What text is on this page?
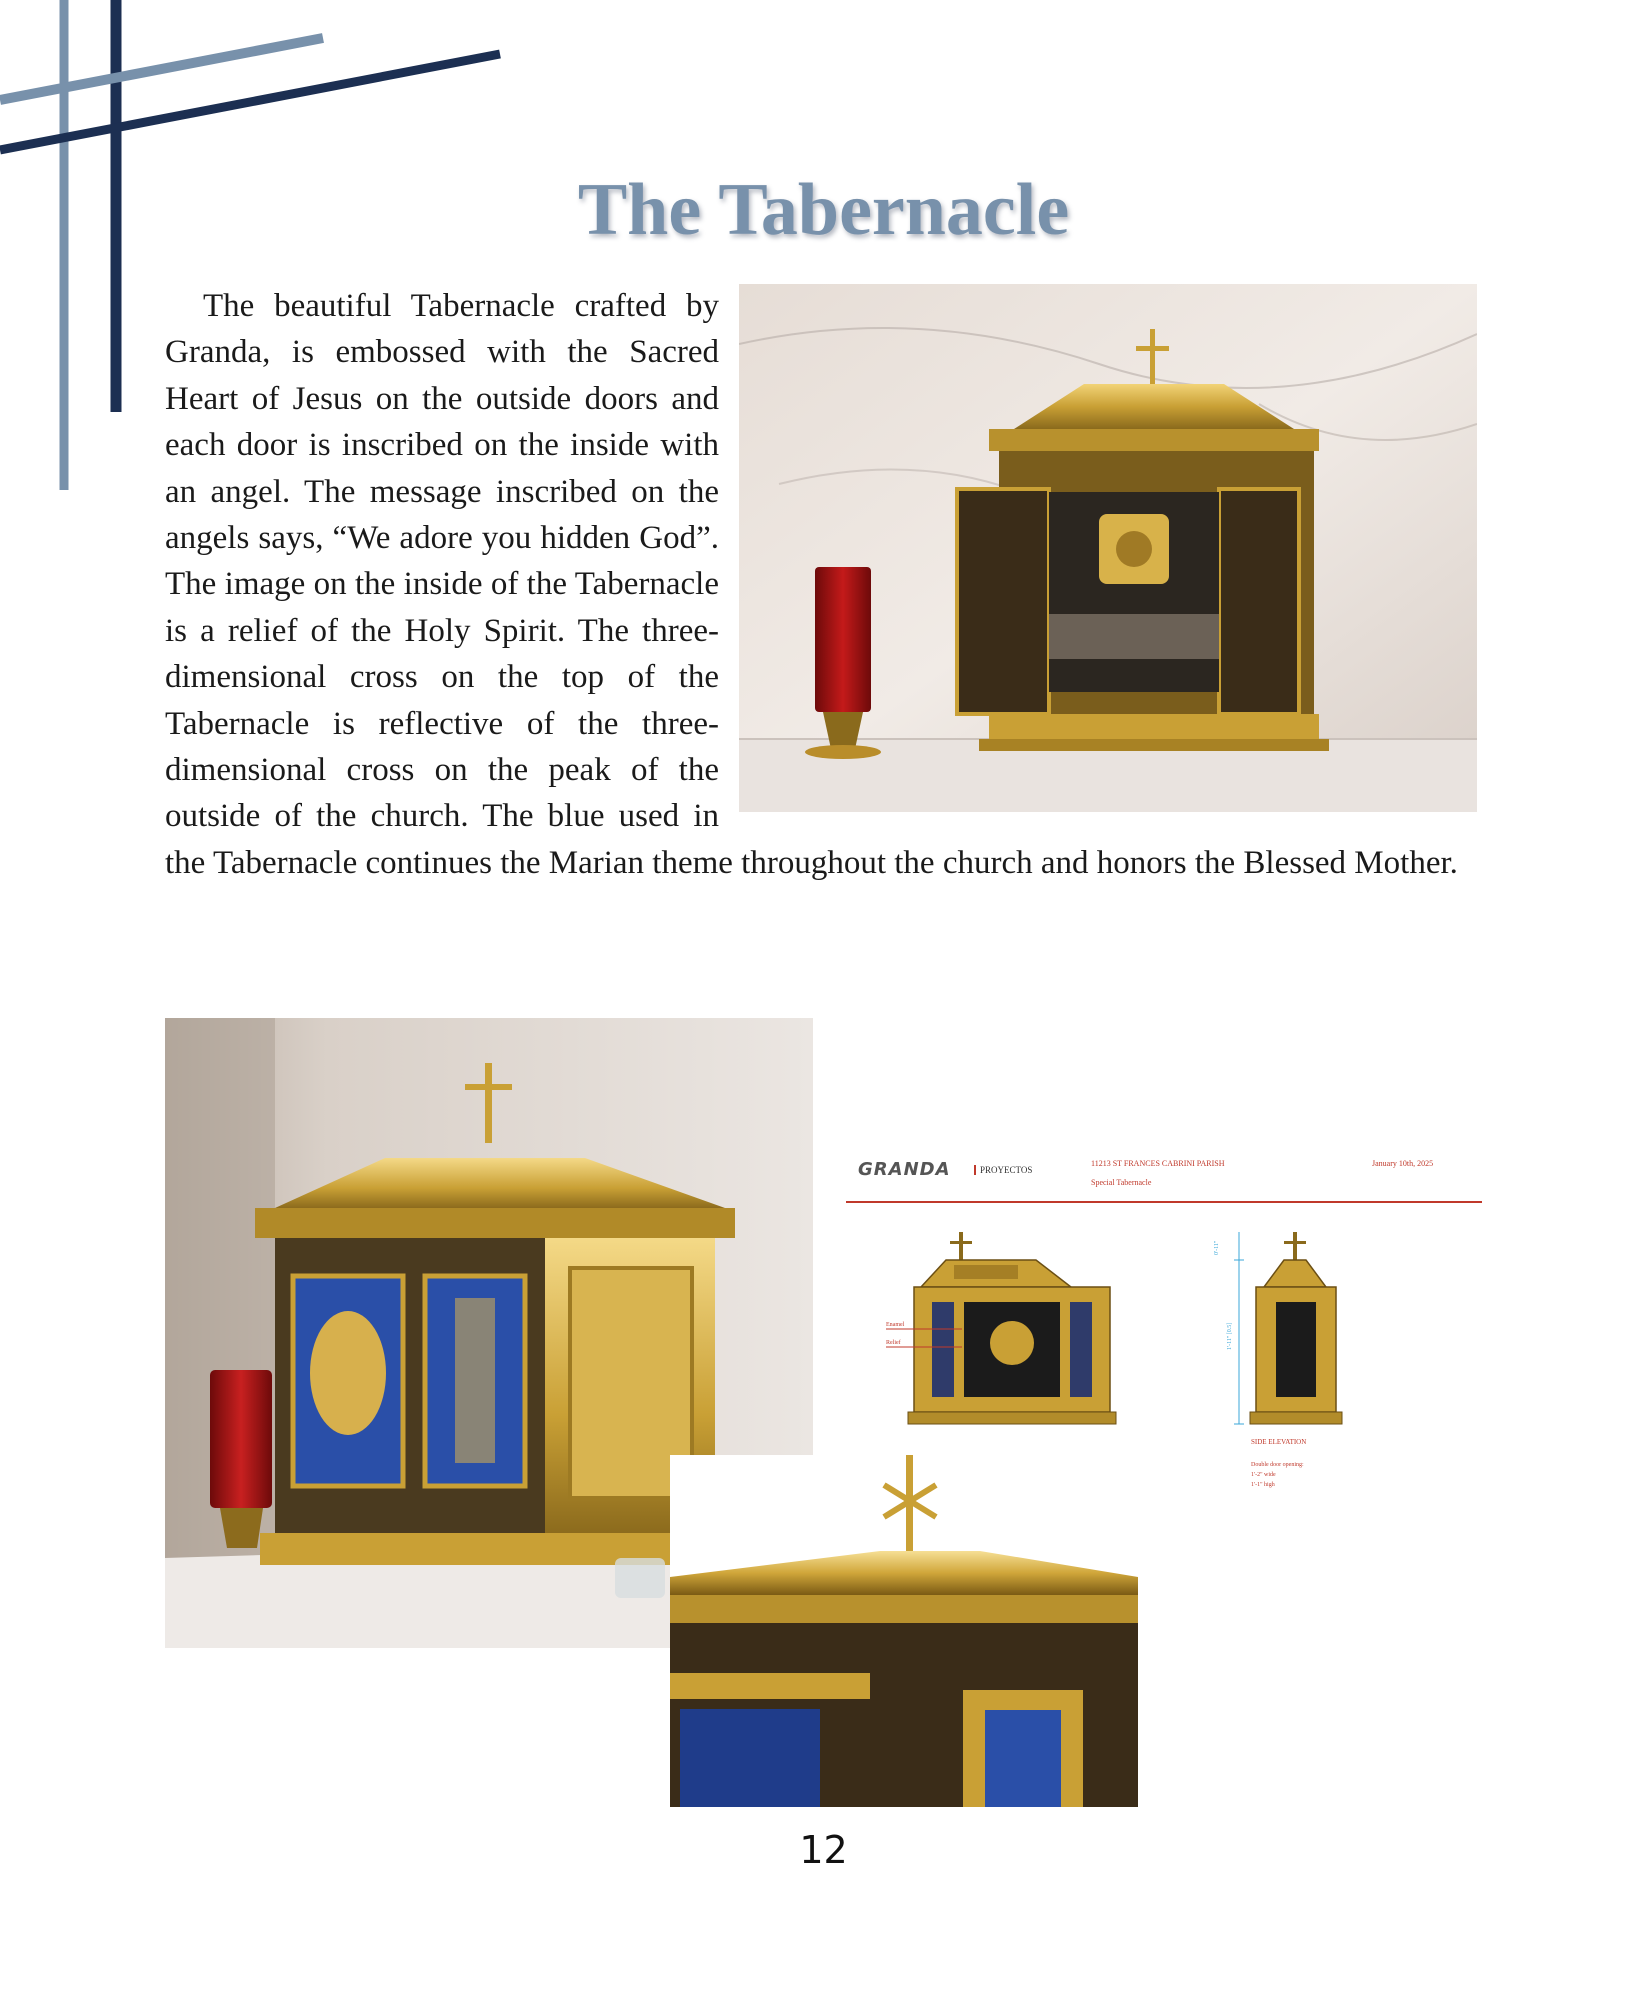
The Tabernacle
The beautiful Tabernacle crafted by Granda, is embossed with the Sacred Heart of Jesus on the outside doors and each door is inscribed on the inside with an angel. The message inscribed on the angels says, “We adore you hidden God”. The image on the inside of the Tabernacle is a relief of the Holy Spirit. The three-dimensional cross on the top of the Tabernacle is reflective of the three-dimensional cross on the peak of the outside of the church. The blue used in the Tabernacle continues the Marian theme throughout the church and honors the Blessed Mother.
GRANDA	PROYECTOS
11213 ST FRANCES CABRINI PARISH
Special Tabernacle
January 10th, 2025
Enamel
Relief
0'-11"
1'-11" [0.5]
SIDE ELEVATION
Double door opening:
1'-2" wide
1'-1" high
12
